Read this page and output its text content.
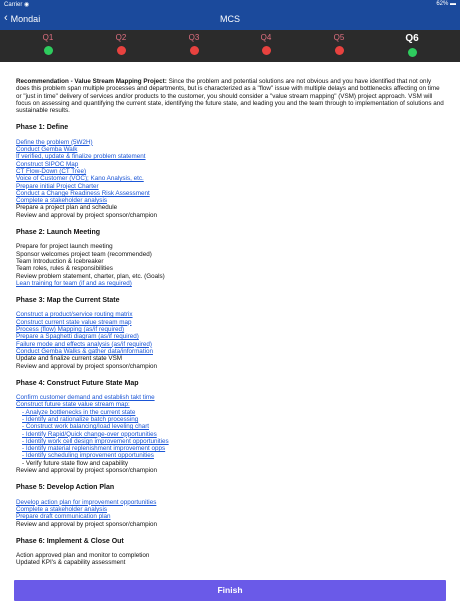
Carrier ◉	62% ▬
‹ Mondai	MCS
Q1	Q2	Q3	Q4	Q5	Q6
Recommendation - Value Stream Mapping Project: Since the problem and potential solutions are not obvious and you have identified that not only does this problem span multiple processes and departments, but is characterized as a "flow" issue with multiple delays and bottlenecks affecting on time or "just in time" delivery of services and/or products to the customer, you should consider a "value stream mapping" (VSM) project approach. VSM will focus on assessing and quantifying the current state, identifying the future state, and leading you and the team through to implementation of solutions and sustainable results.
Phase 1: Define
Define the problem (5W2H)
Conduct Gemba Walk
If verified, update & finalize problem statement
Construct SIPOC Map
CT Flow-Down (CT Tree)
Voice of Customer (VOC); Kano Analysis, etc.
Prepare initial Project Charter
Conduct a Change Readiness Risk Assessment
Complete a stakeholder analysis
Prepare a project plan and schedule
Review and approval by project sponsor/champion
Phase 2: Launch Meeting
Prepare for project launch meeting
Sponsor welcomes project team (recommended)
Team Introduction & Icebreaker
Team roles, rules & responsibilities
Review problem statement, charter, plan, etc. (Goals)
Lean training for team (if and as required)
Phase 3: Map the Current State
Construct a product/service routing matrix
Construct current state value stream map
Process (flow) Mapping (as/if required)
Prepare a Spaghetti diagram (as/if required)
Failure mode and effects analysis (as/if required)
Conduct Gemba Walks & gather data/information
Update and finalize current state VSM
Review and approval by project sponsor/champion
Phase 4: Construct Future State Map
Confirm customer demand and establish takt time
Construct future state value stream map:
- Analyze bottlenecks in the current state
- Identify and rationalize batch processing
- Construct work balancing/load leveling chart
- Identify Rapid/Quick change-over opportunities
- Identify work cell design improvement opportunities
- Identify material replenishment improvement opps
- Identify scheduling improvement opportunities
- Verify future state flow and capability
Review and approval by project sponsor/champion
Phase 5: Develop Action Plan
Develop action plan for improvement opportunities
Complete a stakeholder analysis
Prepare draft communication plan
Review and approval by project sponsor/champion
Phase 6: Implement & Close Out
Action approved plan and monitor to completion
Updated KPI's & capability assessment
Finish
